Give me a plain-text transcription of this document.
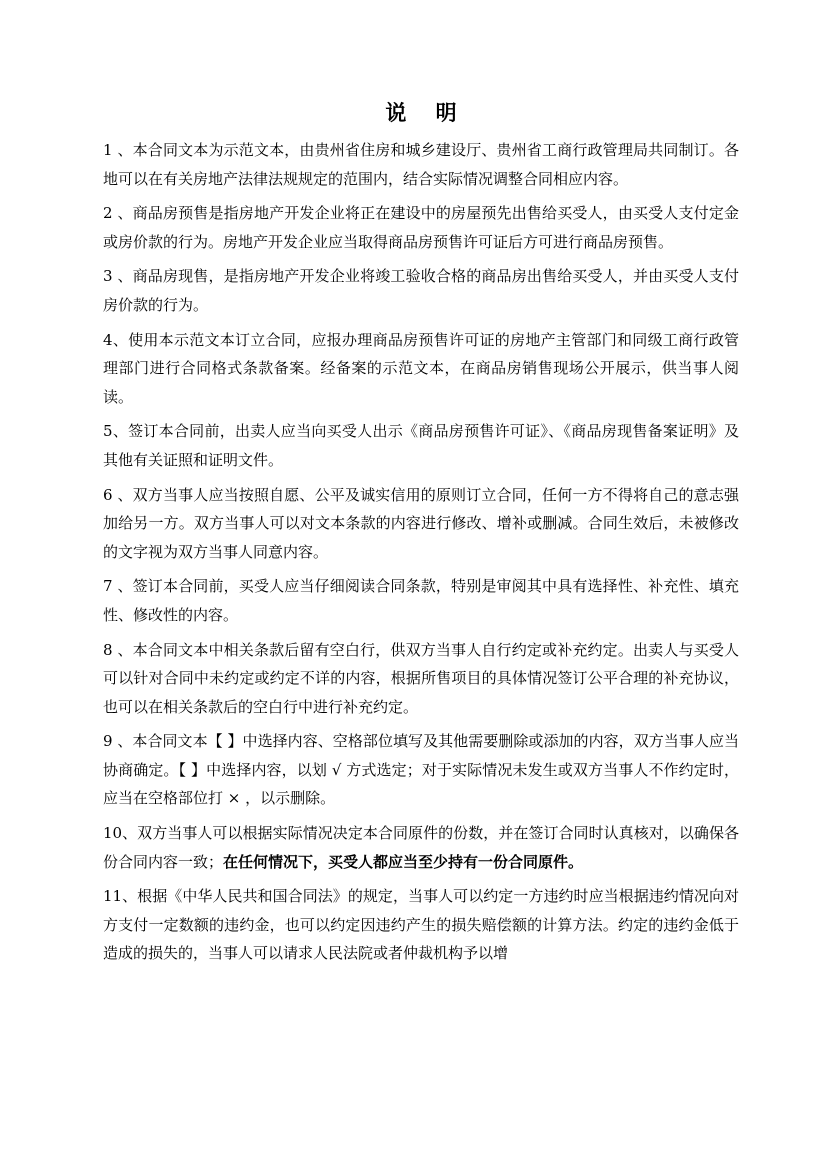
说    明

1 、本合同文本为示范文本，由贵州省住房和城乡建设厅、贵州省工商行政管理局共同制订。各地可以在有关房地产法律法规规定的范围内，结合实际情况调整合同相应内容。

2 、商品房预售是指房地产开发企业将正在建设中的房屋预先出售给买受人，由买受人支付定金或房价款的行为。房地产开发企业应当取得商品房预售许可证后方可进行商品房预售。

3 、商品房现售，是指房地产开发企业将竣工验收合格的商品房出售给买受人，并由买受人支付房价款的行为。

4、使用本示范文本订立合同，应报办理商品房预售许可证的房地产主管部门和同级工商行政管理部门进行合同格式条款备案。经备案的示范文本，在商品房销售现场公开展示，供当事人阅读。

5、签订本合同前，出卖人应当向买受人出示《商品房预售许可证》、《商品房现售备案证明》及其他有关证照和证明文件。

6 、双方当事人应当按照自愿、公平及诚实信用的原则订立合同，任何一方不得将自己的意志强加给另一方。双方当事人可以对文本条款的内容进行修改、增补或删减。合同生效后，未被修改的文字视为双方当事人同意内容。

7 、签订本合同前，买受人应当仔细阅读合同条款，特别是审阅其中具有选择性、补充性、填充性、修改性的内容。

8 、本合同文本中相关条款后留有空白行，供双方当事人自行约定或补充约定。出卖人与买受人可以针对合同中未约定或约定不详的内容，根据所售项目的具体情况签订公平合理的补充协议，也可以在相关条款后的空白行中进行补充约定。

9 、本合同文本【 】中选择内容、空格部位填写及其他需要删除或添加的内容，双方当事人应当协商确定。【 】中选择内容，以划 √ 方式选定；对于实际情况未发生或双方当事人不作约定时，应当在空格部位打 × ，以示删除。

10、双方当事人可以根据实际情况决定本合同原件的份数，并在签订合同时认真核对，以确保各份合同内容一致；在任何情况下，买受人都应当至少持有一份合同原件。

11、根据《中华人民共和国合同法》的规定，当事人可以约定一方违约时应当根据违约情况向对方支付一定数额的违约金，也可以约定因违约产生的损失赔偿额的计算方法。约定的违约金低于造成的损失的，当事人可以请求人民法院或者仲裁机构予以增
